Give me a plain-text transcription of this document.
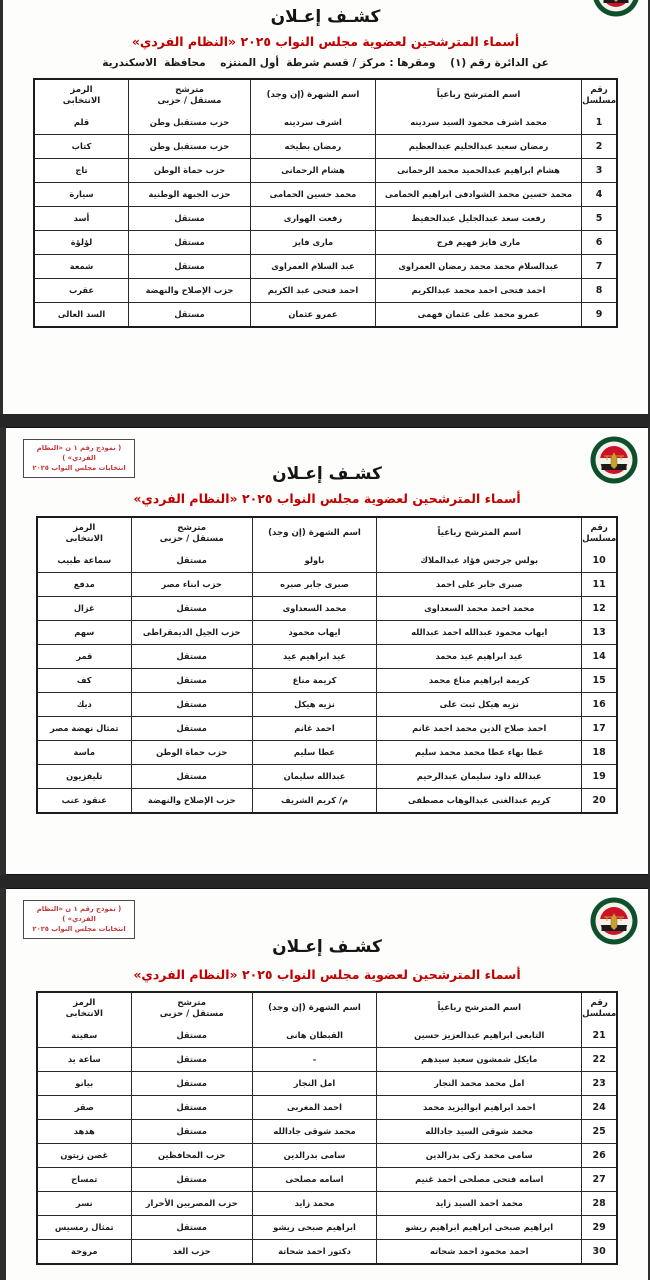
كشـف إعـلان
أسماء المترشحين لعضوية مجلس النواب ٢٠٢٥ «النظام الفردي»

عن الدائرة رقم (١)    ومقرها : مركز / قسم شرطة  أول المنتزه    محافظة  الاسكندرية

رقم
مسلسل
اسم المترشح رباعياً
اسم الشهرة (إن وجد)
مترشح
مستقل / حزبى
الرمز
الانتخابى
1
محمد اشرف محمود السيد سردينه
اشرف سردينه
حزب مستقبل وطن
قلم
2
رمضان سعيد عبدالحليم عبدالعظيم
رمضان بطيخه
حزب مستقبل وطن
كتاب
3
هشام ابراهيم عبدالحميد محمد الرحمانى
هشام الرحمانى
حزب حماة الوطن
تاج
4
محمد حسين محمد الشوادفى ابراهيم الحمامى
محمد حسين الحمامى
حزب الجبهة الوطنية
سيارة
5
رفعت سعد عبدالجليل عبدالحفيظ
رفعت الهوارى
مستقل
أسد
6
مارى فايز فهيم فرج
مارى فايز
مستقل
لؤلؤة
7
عبدالسلام محمد محمد رمضان العمراوى
عبد السلام العمراوى
مستقل
شمعة
8
احمد فتحى احمد محمد عبدالكريم
احمد فتحى عبد الكريم
حزب الإصلاح والنهضة
عقرب
9
عمرو محمد على عثمان فهمى
عمرو عثمان
مستقل
السد العالى
( نموذج رقم ١ ن «النظام الفردي» )
انتخابات مجلس النواب ٢٠٢٥	كشـف إعـلان
أسماء المترشحين لعضوية مجلس النواب ٢٠٢٥ «النظام الفردي»
رقم
مسلسل
اسم المترشح رباعياً
اسم الشهرة (إن وجد)
مترشح
مستقل / حزبى
الرمز
الانتخابى
10
بولس جرجس فؤاد عبدالملاك
باولو
مستقل
سماعة طبيب
11
صبرى جابر على احمد
صبرى جابر صبره
حزب ابناء مصر
مدفع
12
محمد احمد محمد السعداوى
محمد السعداوى
مستقل
غزال
13
ايهاب محمود عبدالله احمد عبدالله
ايهاب محمود
حزب الجيل الديمقراطى
سهم
14
عيد ابراهيم عيد محمد
عيد ابراهيم عيد
مستقل
قمر
15
كريمة ابراهيم مناع محمد
كريمة مناع
مستقل
كف
16
نزيه هيكل ثبت على
نزيه هيكل
مستقل
ديك
17
احمد صلاح الدين محمد احمد غانم
احمد غانم
مستقل
تمثال نهضة مصر
18
عطا بهاء عطا محمد محمد سليم
عطا سليم
حزب حماة الوطن
ماسة
19
عبدالله داود سليمان عبدالرحيم
عبدالله سليمان
مستقل
تليفزيون
20
كريم عبدالغنى عبدالوهاب مصطفى
م/ كريم الشريف
حزب الإصلاح والنهضة
عنقود عنب
( نموذج رقم ١ ن «النظام الفردي» )
انتخابات مجلس النواب ٢٠٢٥
كشـف إعـلان
أسماء المترشحين لعضوية مجلس النواب ٢٠٢٥ «النظام الفردي»
رقم
مسلسل
اسم المترشح رباعياً
اسم الشهرة (إن وجد)
مترشح
مستقل / حزبى
الرمز
الانتخابى
21
التابعى ابراهيم عبدالعزيز حسين
القبطان هانى
مستقل
سفينة
22
مايكل شمشون سعيد سيدهم
-
مستقل
ساعة يد
23
امل محمد محمد النجار
امل النجار
مستقل
بيانو
24
احمد ابراهيم ابواليزيد محمد
احمد المغربى
مستقل
صقر
25
محمد شوقى السيد جادالله
محمد شوقى جادالله
مستقل
هدهد
26
سامى محمد زكى بدرالدين
سامى بدرالدين
حزب المحافظين
غصن زيتون
27
اسامه فتحى مصلحى احمد غنيم
اسامه مصلحى
مستقل
تمساح
28
محمد احمد السيد زايد
محمد زايد
حزب المصريين الأحرار
نسر
29
ابراهيم صبحى ابراهيم ابراهيم ريشو
ابراهيم صبحى ريشو
مستقل
تمثال رمسيس
30
احمد محمود احمد شحاته
دكتور احمد شحاتة
حزب الغد
مروحة
